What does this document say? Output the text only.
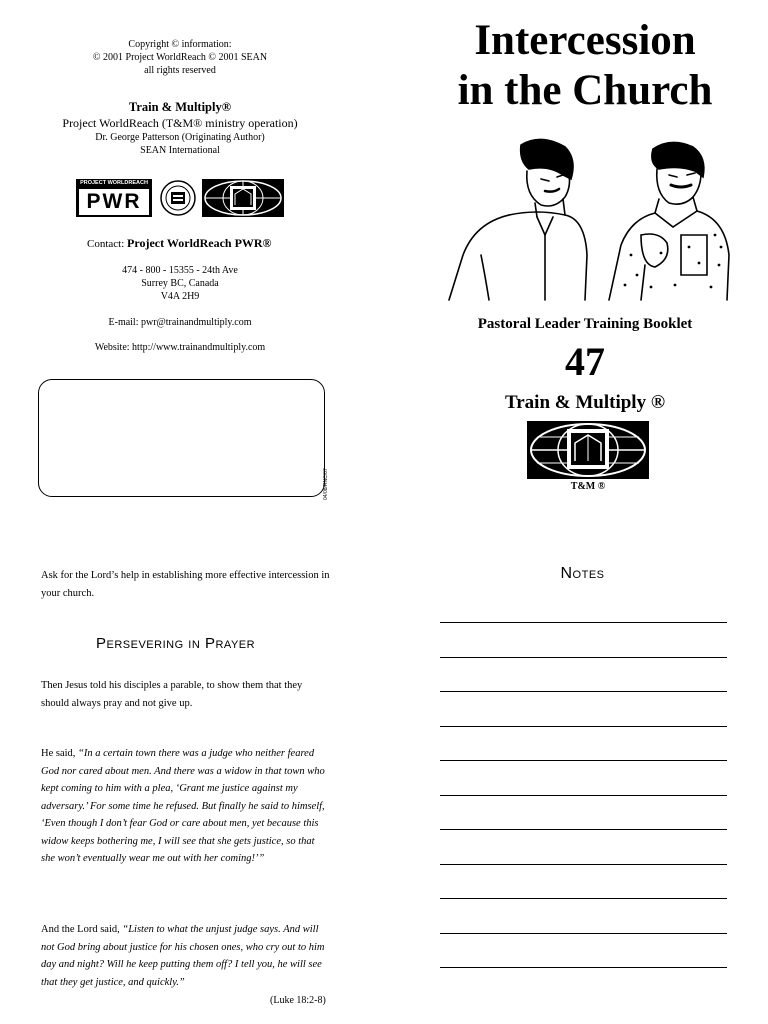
Copyright © information:
© 2001 Project WorldReach © 2001 SEAN
all rights reserved
Train & Multiply®
Project WorldReach (T&M® ministry operation)
Dr. George Patterson (Originating Author)
SEAN International
PROJECT WORLDREACH
PWR
Contact: Project WorldReach PWR®
474 - 800 - 15355 - 24th Ave
Surrey BC, Canada
V4A 2H9
E-mail: pwr@trainandmultiply.com
Website: http://www.trainandmultiply.com
04/08/RNC/07
Ask for the Lord’s help in establishing more effective intercession in your church.
Persevering in Prayer
Then Jesus told his disciples a parable, to show them that they should always pray and not give up.
He said, “In a certain town there was a judge who neither feared God nor cared about men. And there was a widow in that town who kept coming to him with a plea, ‘Grant me justice against my adversary.’ For some time he refused. But finally he said to himself, ‘Even though I don’t fear God or care about men, yet because this widow keeps bothering me, I will see that she gets justice, so that she won’t eventually wear me out with her coming!’”
And the Lord said, “Listen to what the unjust judge says. And will not God bring about justice for his chosen ones, who cry out to him day and night? Will he keep putting them off? I tell you, he will see that they get justice, and quickly.”
(Luke 18:2-8)
Intercession
in the Church
Pastoral Leader Training Booklet
47
Train & Multiply ®
TM
T&M ®
Notes
